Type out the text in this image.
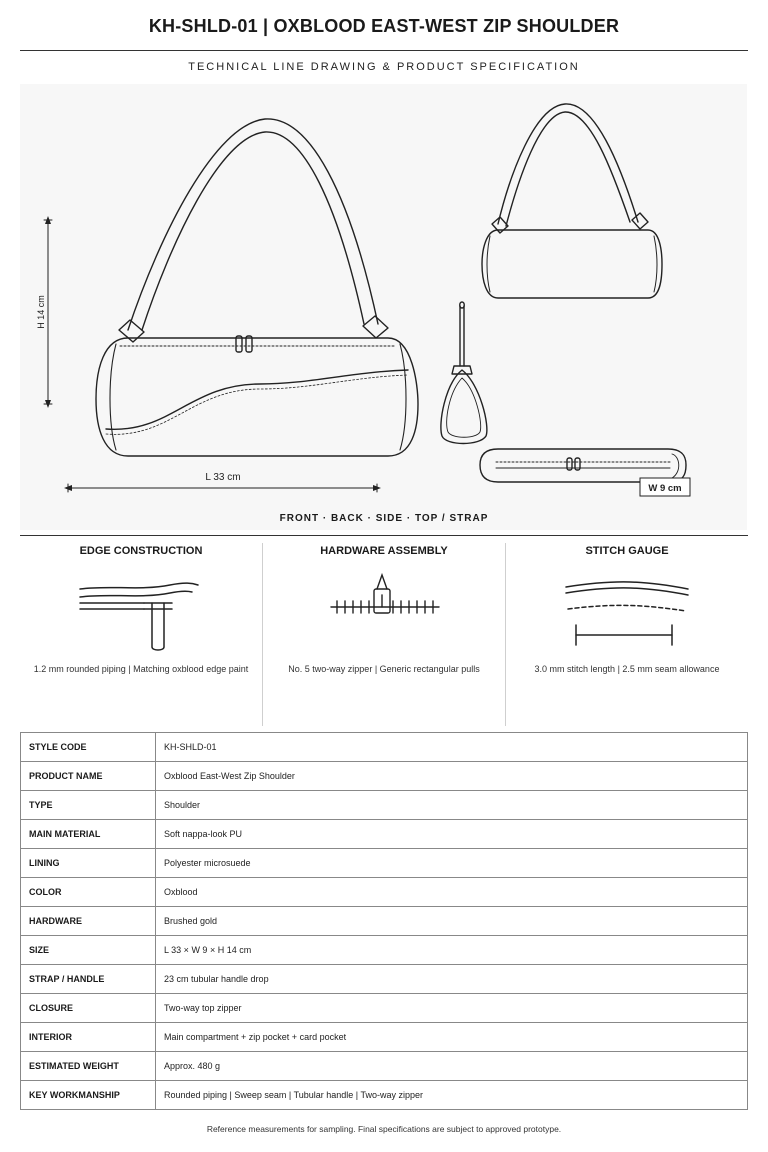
KH-SHLD-01 | OXBLOOD EAST-WEST ZIP SHOULDER
TECHNICAL LINE DRAWING & PRODUCT SPECIFICATION
H 14 cm
L 33 cm
W 9 cm
FRONT · BACK · SIDE · TOP / STRAP
EDGE CONSTRUCTION
1.2 mm rounded piping | Matching oxblood edge paint
HARDWARE ASSEMBLY
No. 5 two-way zipper | Generic rectangular pulls
STITCH GAUGE
3.0 mm stitch length | 2.5 mm seam allowance
STYLE CODE	KH-SHLD-01
PRODUCT NAME	Oxblood East-West Zip Shoulder
TYPE	Shoulder
MAIN MATERIAL	Soft nappa-look PU
LINING	Polyester microsuede
COLOR	Oxblood
HARDWARE	Brushed gold
SIZE	L 33 × W 9 × H 14 cm
STRAP / HANDLE	23 cm tubular handle drop
CLOSURE	Two-way top zipper
INTERIOR	Main compartment + zip pocket + card pocket
ESTIMATED WEIGHT	Approx. 480 g
KEY WORKMANSHIP	Rounded piping | Sweep seam | Tubular handle | Two-way zipper
Reference measurements for sampling. Final specifications are subject to approved prototype.
